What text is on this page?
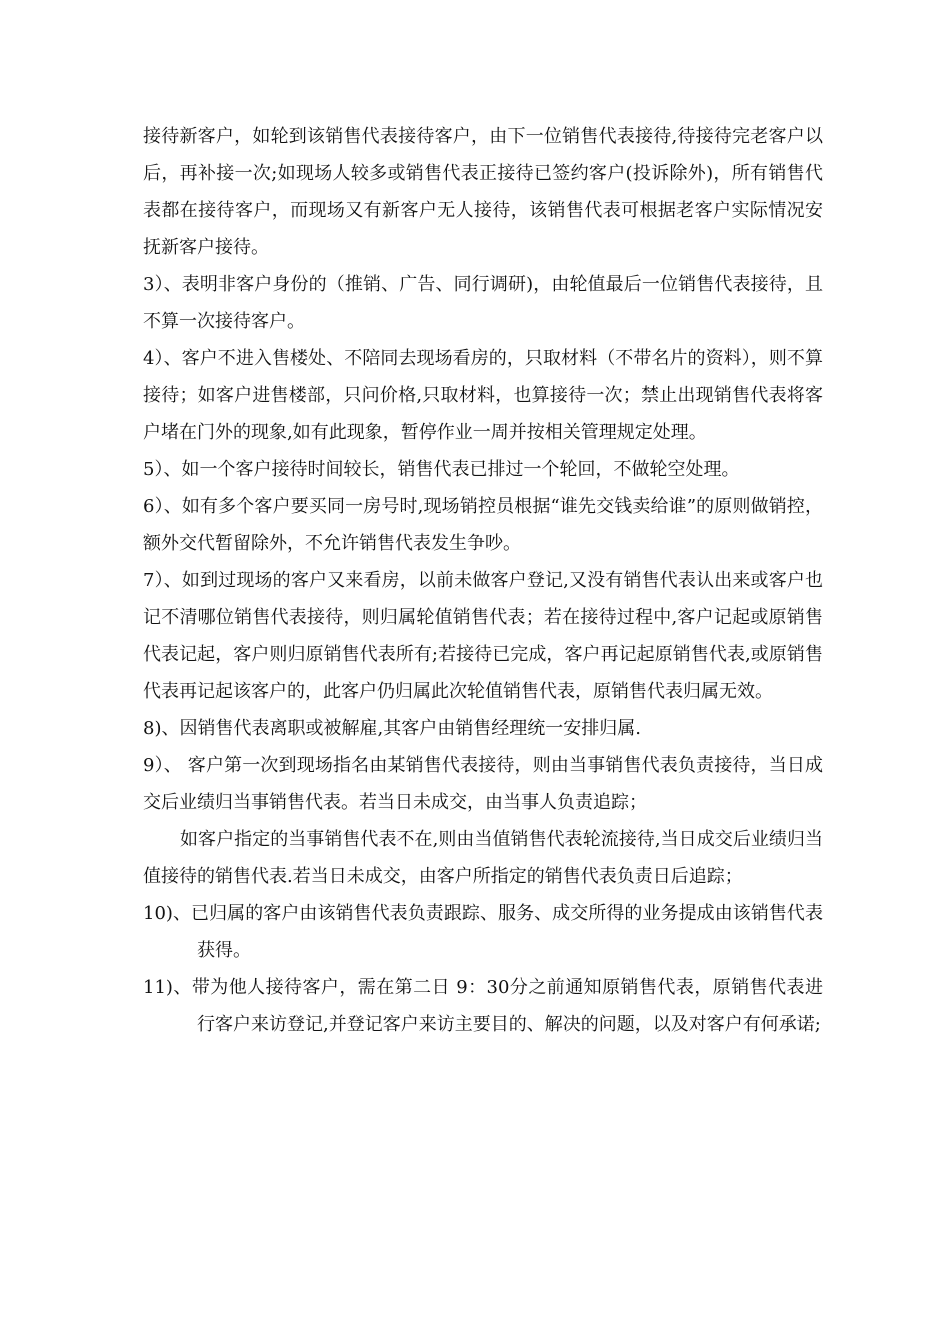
接待新客户，如轮到该销售代表接待客户，由下一位销售代表接待,待接待完老客户以后，再补接一次;如现场人较多或销售代表正接待已签约客户(投诉除外)，所有销售代表都在接待客户，而现场又有新客户无人接待，该销售代表可根据老客户实际情况安抚新客户接待。

3）、表明非客户身份的（推销、广告、同行调研)，由轮值最后一位销售代表接待，且不算一次接待客户。

4）、客户不进入售楼处、不陪同去现场看房的，只取材料（不带名片的资料），则不算接待；如客户进售楼部，只问价格,只取材料，也算接待一次；禁止出现销售代表将客户堵在门外的现象,如有此现象，暂停作业一周并按相关管理规定处理。

5）、如一个客户接待时间较长，销售代表已排过一个轮回，不做轮空处理。

6）、如有多个客户要买同一房号时,现场销控员根据“谁先交钱卖给谁”的原则做销控，额外交代暂留除外，不允许销售代表发生争吵。

7）、如到过现场的客户又来看房，以前未做客户登记,又没有销售代表认出来或客户也记不清哪位销售代表接待，则归属轮值销售代表；若在接待过程中,客户记起或原销售代表记起，客户则归原销售代表所有;若接待已完成，客户再记起原销售代表,或原销售代表再记起该客户的，此客户仍归属此次轮值销售代表，原销售代表归属无效。

8)、因销售代表离职或被解雇,其客户由销售经理统一安排归属.

9）、 客户第一次到现场指名由某销售代表接待，则由当事销售代表负责接待，当日成交后业绩归当事销售代表。若当日未成交，由当事人负责追踪；

如客户指定的当事销售代表不在,则由当值销售代表轮流接待,当日成交后业绩归当值接待的销售代表.若当日未成交，由客户所指定的销售代表负责日后追踪；

10)、已归属的客户由该销售代表负责跟踪、服务、成交所得的业务提成由该销售代表获得。

11)、带为他人接待客户，需在第二日 9：30分之前通知原销售代表，原销售代表进行客户来访登记,并登记客户来访主要目的、解决的问题，以及对客户有何承诺;
